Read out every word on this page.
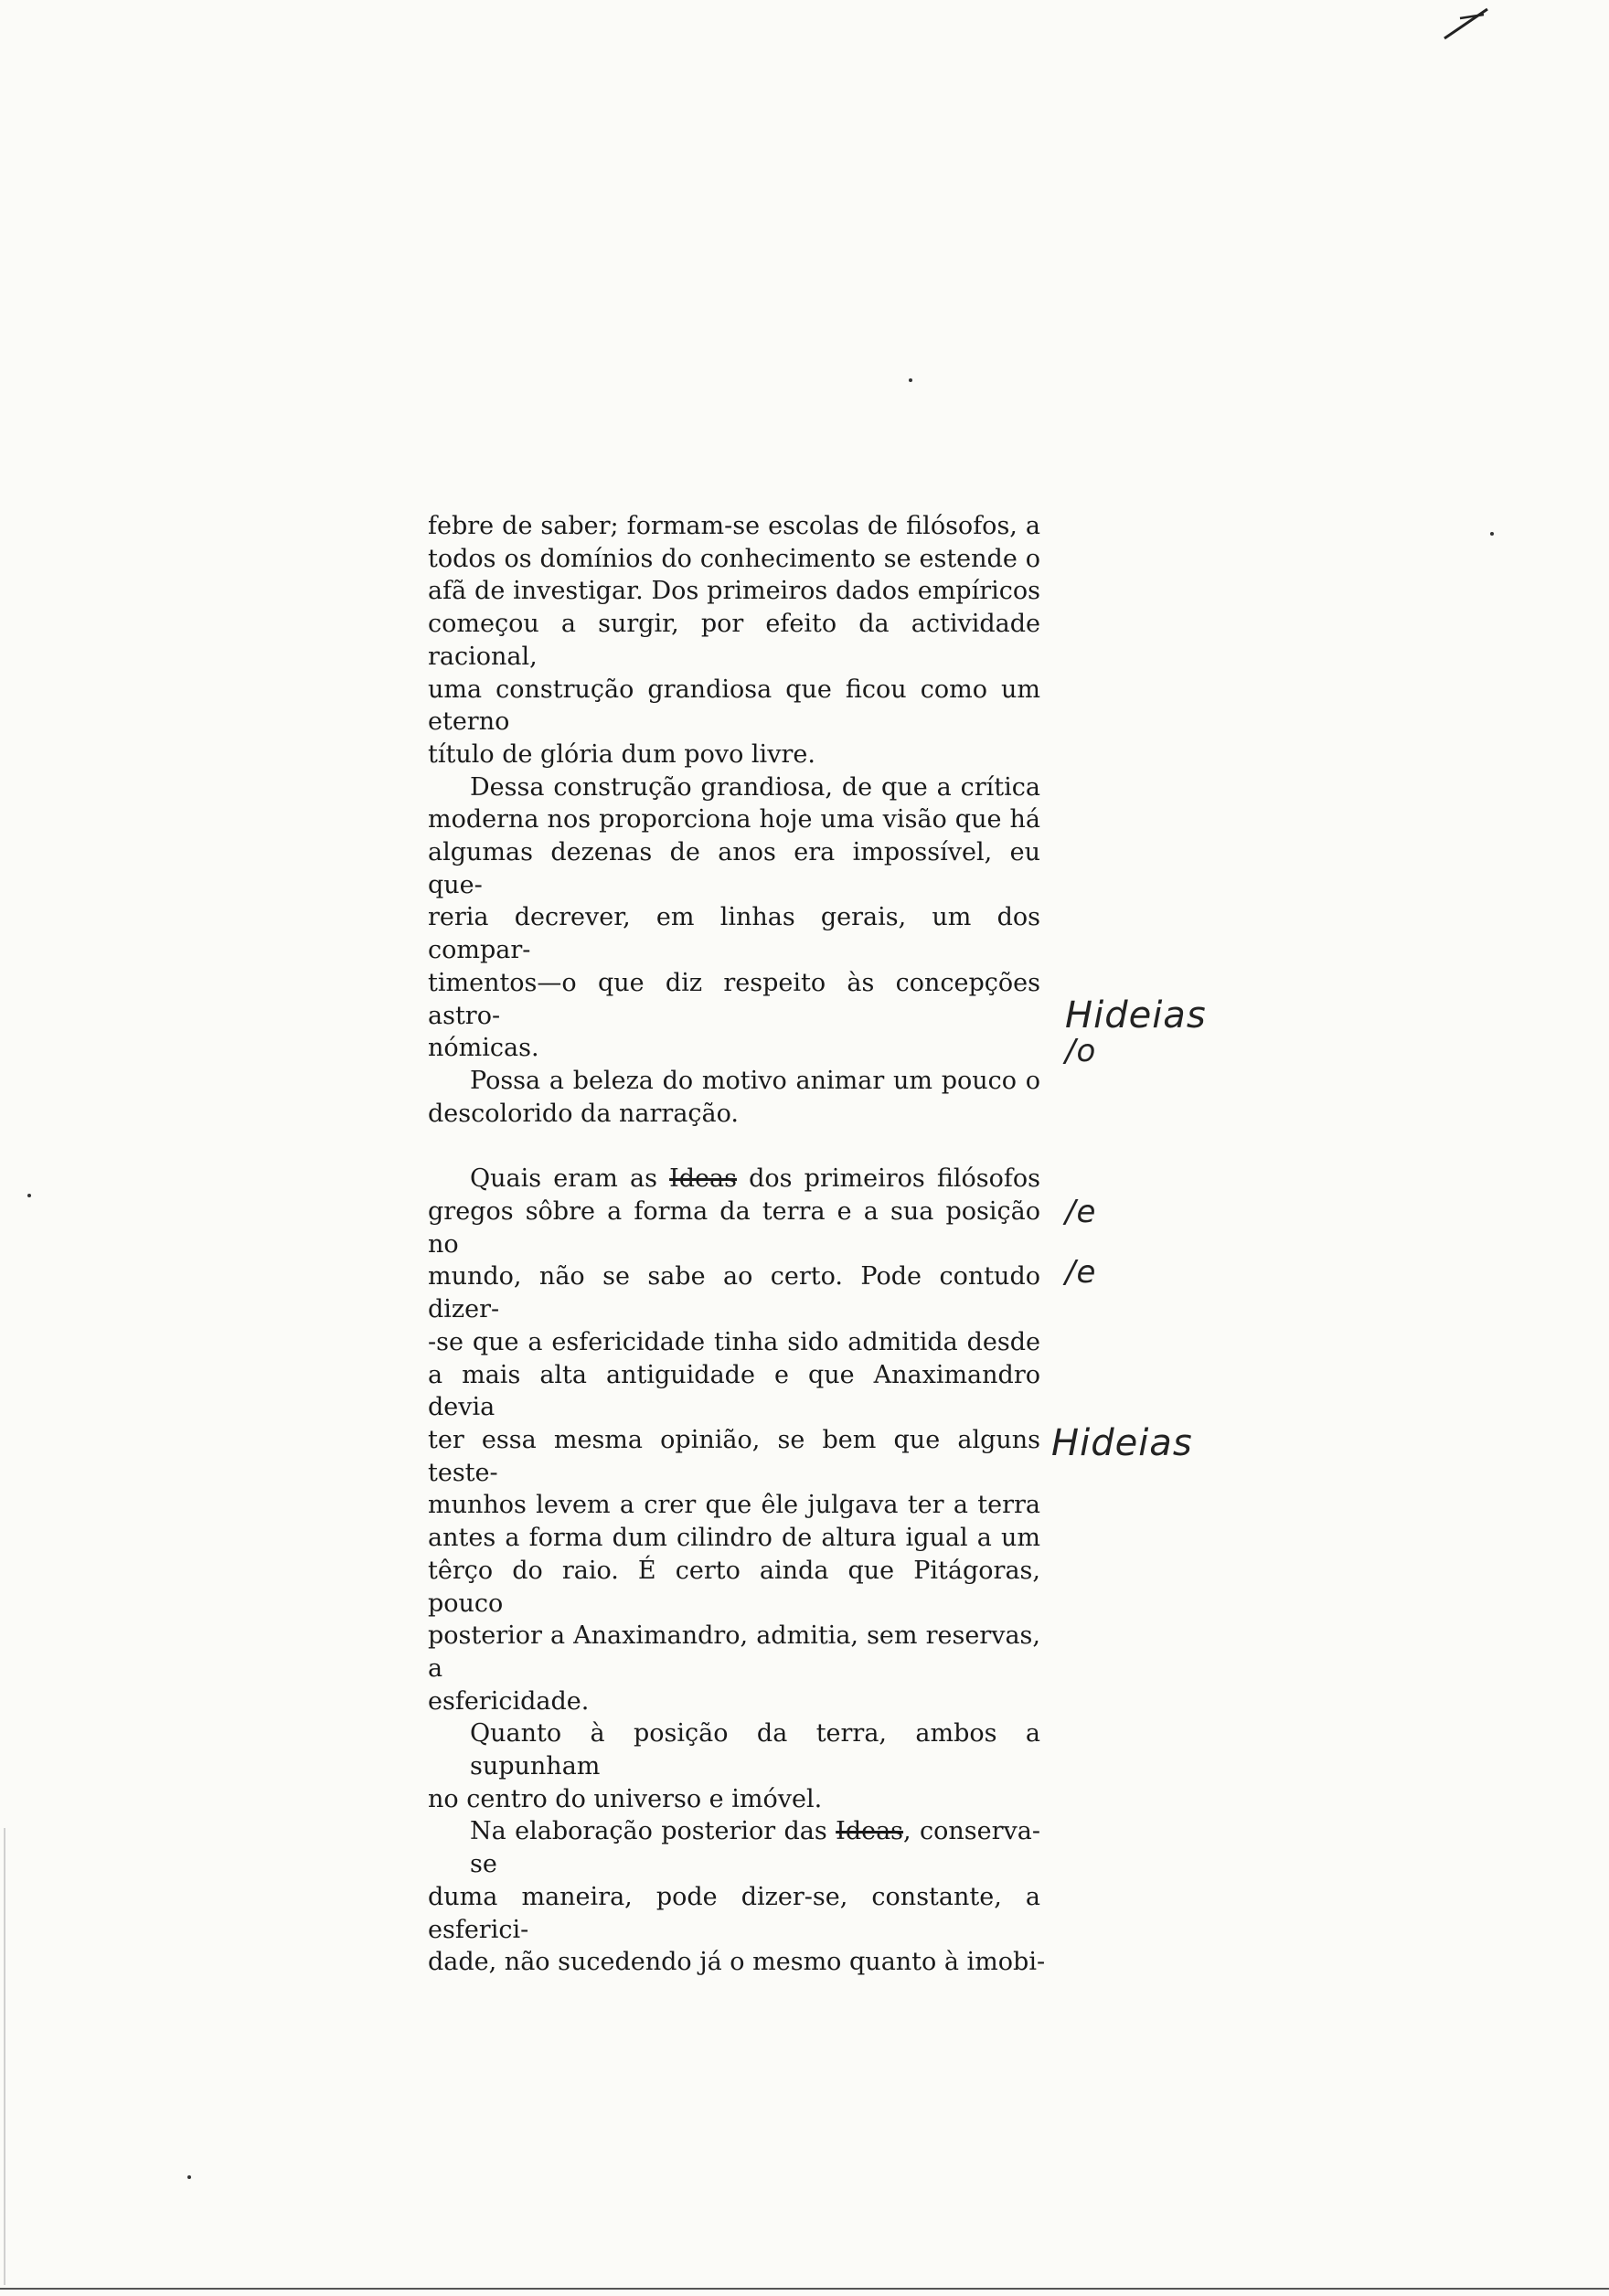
febre de saber; formam-se escolas de filósofos, a
todos os domínios do conhecimento se estende o
afã de investigar. Dos primeiros dados empíricos
começou a surgir, por efeito da actividade racional,
uma construção grandiosa que ficou como um eterno
título de glória dum povo livre.

Dessa construção grandiosa, de que a crítica
moderna nos proporciona hoje uma visão que há
algumas dezenas de anos era impossível, eu que-
reria decrever, em linhas gerais, um dos compar-
timentos—o que diz respeito às concepções astro-
nómicas.

Possa a beleza do motivo animar um pouco o
descolorido da narração.

Quais eram as Ideas dos primeiros filósofos
gregos sôbre a forma da terra e a sua posição no
mundo, não se sabe ao certo. Pode contudo dizer-
-se que a esfericidade tinha sido admitida desde
a mais alta antiguidade e que Anaximandro devia
ter essa mesma opinião, se bem que alguns teste-
munhos levem a crer que êle julgava ter a terra
antes a forma dum cilindro de altura igual a um
têrço do raio. É certo ainda que Pitágoras, pouco
posterior a Anaximandro, admitia, sem reservas, a
esfericidade.

Quanto à posição da terra, ambos a supunham
no centro do universo e imóvel.

Na elaboração posterior das Ideas, conserva-se
duma maneira, pode dizer-se, constante, a esferici-
dade, não sucedendo já o mesmo quanto à imobi-

Hideias
/o
/e
/e
Hideias
